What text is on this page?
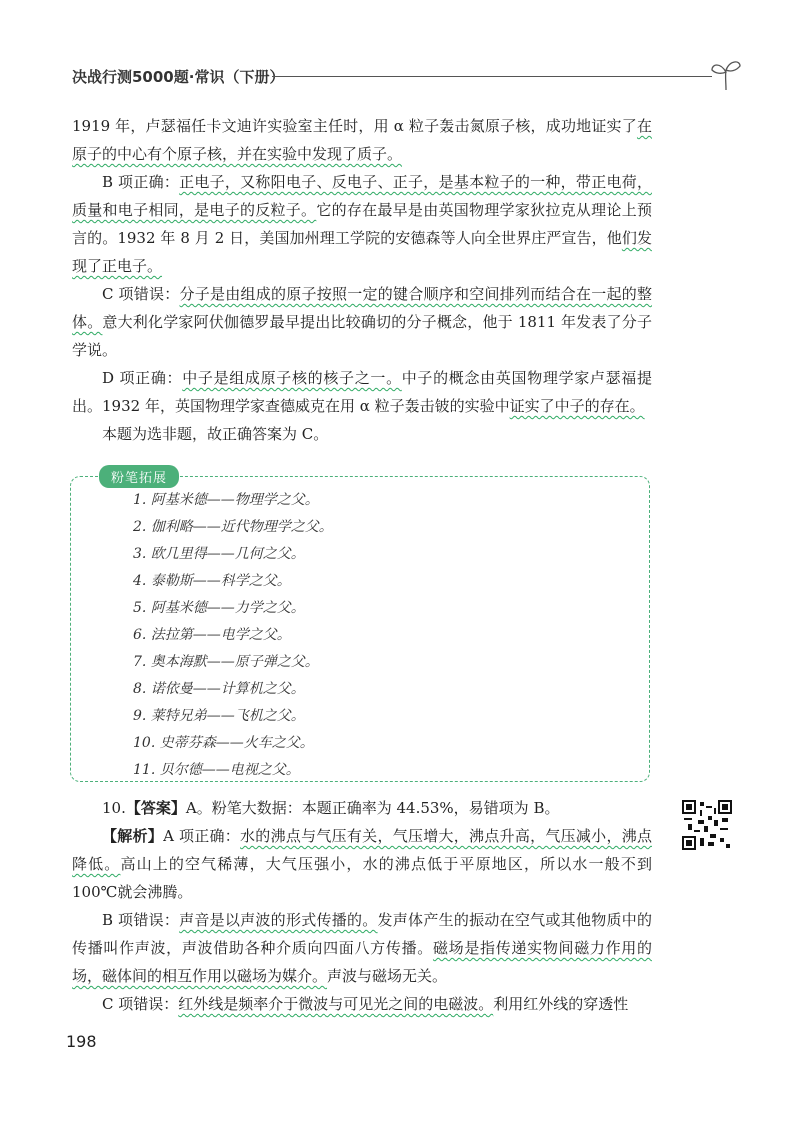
决战行测5000题·常识（下册）

1919 年，卢瑟福任卡文迪许实验室主任时，用 α 粒子轰击氮原子核，成功地证实了在原子的中心有个原子核，并在实验中发现了质子。

B 项正确：正电子，又称阳电子、反电子、正子，是基本粒子的一种，带正电荷，质量和电子相同，是电子的反粒子。它的存在最早是由英国物理学家狄拉克从理论上预言的。1932 年 8 月 2 日，美国加州理工学院的安德森等人向全世界庄严宣告，他们发现了正电子。

C 项错误：分子是由组成的原子按照一定的键合顺序和空间排列而结合在一起的整体。意大利化学家阿伏伽德罗最早提出比较确切的分子概念，他于 1811 年发表了分子学说。

D 项正确：中子是组成原子核的核子之一。中子的概念由英国物理学家卢瑟福提出。1932 年，英国物理学家查德威克在用 α 粒子轰击铍的实验中证实了中子的存在。

本题为选非题，故正确答案为 C。

粉笔拓展
1. 阿基米德——物理学之父。
2. 伽利略——近代物理学之父。
3. 欧几里得——几何之父。
4. 泰勒斯——科学之父。
5. 阿基米德——力学之父。
6. 法拉第——电学之父。
7. 奥本海默——原子弹之父。
8. 诺依曼——计算机之父。
9. 莱特兄弟——飞机之父。
10. 史蒂芬森——火车之父。
11. 贝尔德——电视之父。

10.【答案】A。粉笔大数据：本题正确率为 44.53%，易错项为 B。

【解析】A 项正确：水的沸点与气压有关，气压增大，沸点升高，气压减小，沸点降低。高山上的空气稀薄，大气压强小，水的沸点低于平原地区，所以水一般不到 100℃就会沸腾。

B 项错误：声音是以声波的形式传播的。发声体产生的振动在空气或其他物质中的传播叫作声波，声波借助各种介质向四面八方传播。磁场是指传递实物间磁力作用的场，磁体间的相互作用以磁场为媒介。声波与磁场无关。

C 项错误：红外线是频率介于微波与可见光之间的电磁波。利用红外线的穿透性

198
